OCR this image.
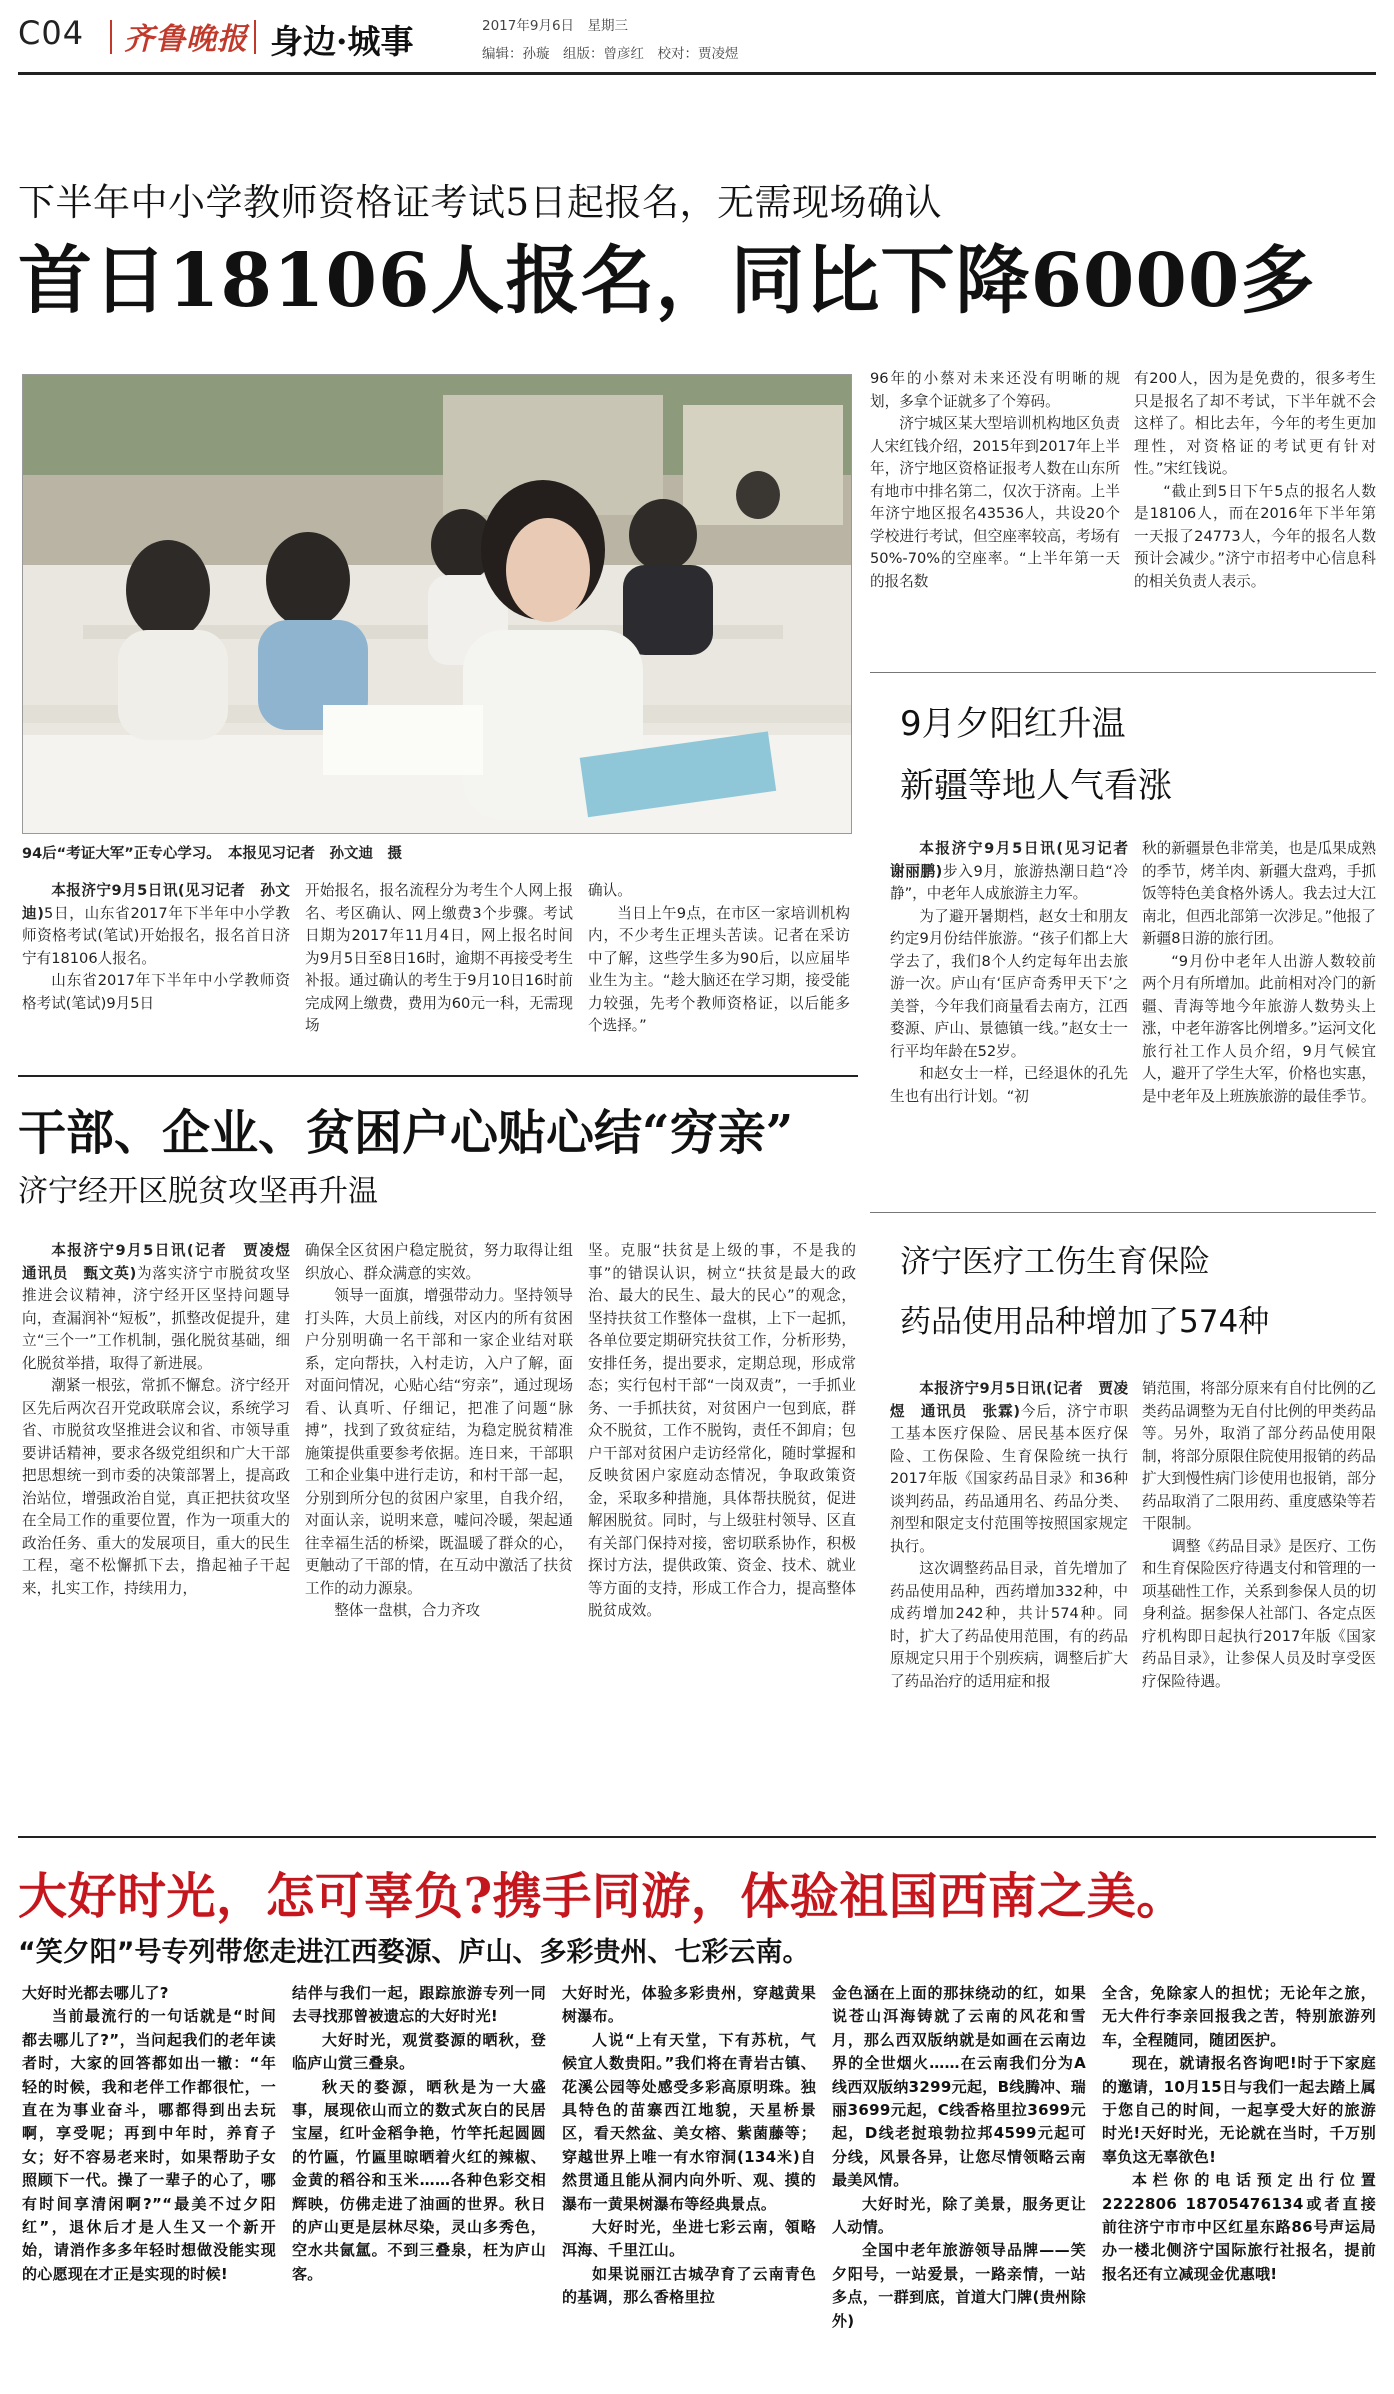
C04 齐鲁晚报 身边·城事	2017年9月6日　 星期三
编辑：孙璇　组版：曾彦红　校对：贾凌煜
下半年中小学教师资格证考试5日起报名，无需现场确认
首日18106人报名，同比下降6000多
94后“考证大军”正专心学习。　本报见习记者　孙文迪　摄

本报济宁9月5日讯(见习记者　孙文迪)5日，山东省2017年下半年中小学教师资格考试(笔试)开始报名，报名首日济宁有18106人报名。

山东省2017年下半年中小学教师资格考试(笔试)9月5日

开始报名，报名流程分为考生个人网上报名、考区确认、网上缴费3个步骤。考试日期为2017年11月4日，网上报名时间为9月5日至8日16时，逾期不再接受考生补报。通过确认的考生于9月10日16时前完成网上缴费，费用为60元一科，无需现场

确认。

当日上午9点，在市区一家培训机构内，不少考生正埋头苦读。记者在采访中了解，这些学生多为90后，以应届毕业生为主。“趁大脑还在学习期，接受能力较强，先考个教师资格证，以后能多个选择。”

96年的小蔡对未来还没有明晰的规划，多拿个证就多了个筹码。

济宁城区某大型培训机构地区负责人宋红钱介绍，2015年到2017年上半年，济宁地区资格证报考人数在山东所有地市中排名第二，仅次于济南。上半年济宁地区报名43536人，共设20个学校进行考试，但空座率较高，考场有50%-70%的空座率。“上半年第一天的报名数

有200人，因为是免费的，很多考生只是报名了却不考试，下半年就不会这样了。相比去年，今年的考生更加理性，对资格证的考试更有针对性。”宋红钱说。

“截止到5日下午5点的报名人数是18106人，而在2016年下半年第一天报了24773人，今年的报名人数预计会减少。”济宁市招考中心信息科的相关负责人表示。

9月夕阳红升温
新疆等地人气看涨

本报济宁9月5日讯(见习记者　谢丽鹏)步入9月，旅游热潮日趋“冷静”，中老年人成旅游主力军。

为了避开暑期档，赵女士和朋友约定9月份结伴旅游。“孩子们都上大学去了，我们8个人约定每年出去旅游一次。庐山有‘匡庐奇秀甲天下’之美誉，今年我们商量看去南方，江西婺源、庐山、景德镇一线。”赵女士一行平均年龄在52岁。

和赵女士一样，已经退休的孔先生也有出行计划。“初

秋的新疆景色非常美，也是瓜果成熟的季节，烤羊肉、新疆大盘鸡，手抓饭等特色美食格外诱人。我去过大江南北，但西北部第一次涉足。”他报了新疆8日游的旅行团。

“9月份中老年人出游人数较前两个月有所增加。此前相对冷门的新疆、青海等地今年旅游人数势头上涨，中老年游客比例增多。”运河文化旅行社工作人员介绍，9月气候宜人，避开了学生大军，价格也实惠，是中老年及上班族旅游的最佳季节。

干部、企业、贫困户心贴心结“穷亲”
济宁经开区脱贫攻坚再升温

本报济宁9月5日讯(记者　贾凌煜　通讯员　甄文英)为落实济宁市脱贫攻坚推进会议精神，济宁经开区坚持问题导向，查漏润补“短板”，抓整改促提升，建立“三个一”工作机制，强化脱贫基础，细化脱贫举措，取得了新进展。

潮紧一根弦，常抓不懈怠。济宁经开区先后两次召开党政联席会议，系统学习省、市脱贫攻坚推进会议和省、市领导重要讲话精神，要求各级党组织和广大干部把思想统一到市委的决策部署上，提高政治站位，增强政治自觉，真正把扶贫攻坚在全局工作的重要位置，作为一项重大的政治任务、重大的发展项目，重大的民生工程，毫不松懈抓下去，撸起袖子干起来，扎实工作，持续用力，

确保全区贫困户稳定脱贫，努力取得让组织放心、群众满意的实效。

领导一面旗，增强带动力。坚持领导打头阵，大员上前线，对区内的所有贫困户分别明确一名干部和一家企业结对联系，定向帮扶，入村走访，入户了解，面对面问情况，心贴心结“穷亲”，通过现场看、认真听、仔细记，把准了问题“脉搏”，找到了致贫症结，为稳定脱贫精准施策提供重要参考依据。连日来，干部职工和企业集中进行走访，和村干部一起，分别到所分包的贫困户家里，自我介绍，对面认亲，说明来意，嘘问冷暖，架起通往幸福生活的桥梁，既温暖了群众的心，更触动了干部的情，在互动中激活了扶贫工作的动力源泉。

整体一盘棋，合力齐攻

坚。克服“扶贫是上级的事，不是我的事”的错误认识，树立“扶贫是最大的政治、最大的民生、最大的民心”的观念，坚持扶贫工作整体一盘棋，上下一起抓，各单位要定期研究扶贫工作，分析形势，安排任务，提出要求，定期总现，形成常态；实行包村干部“一岗双责”，一手抓业务、一手抓扶贫，对贫困户一包到底，群众不脱贫，工作不脱钩，责任不卸肩；包户干部对贫困户走访经常化，随时掌握和反映贫困户家庭动态情况，争取政策资金，采取多种措施，具体帮扶脱贫，促进解困脱贫。同时，与上级驻村领导、区直有关部门保持对接，密切联系协作，积极探讨方法，提供政策、资金、技术、就业等方面的支持，形成工作合力，提高整体脱贫成效。

济宁医疗工伤生育保险
药品使用品种增加了574种

本报济宁9月5日讯(记者　贾凌煜　通讯员　张霖)今后，济宁市职工基本医疗保险、居民基本医疗保险、工伤保险、生育保险统一执行2017年版《国家药品目录》和36种谈判药品，药品通用名、药品分类、剂型和限定支付范围等按照国家规定执行。

这次调整药品目录，首先增加了药品使用品种，西药增加332种，中成药增加242种，共计574种。同时，扩大了药品使用范围，有的药品原规定只用于个别疾病，调整后扩大了药品治疗的适用症和报

销范围，将部分原来有自付比例的乙类药品调整为无自付比例的甲类药品等。另外，取消了部分药品使用限制，将部分原限住院使用报销的药品扩大到慢性病门诊使用也报销，部分药品取消了二限用药、重度感染等若干限制。

调整《药品目录》是医疗、工伤和生育保险医疗待遇支付和管理的一项基础性工作，关系到参保人员的切身利益。据参保人社部门、各定点医疗机构即日起执行2017年版《国家药品目录》，让参保人员及时享受医疗保险待遇。

大好时光，怎可辜负?携手同游，体验祖国西南之美。
“笑夕阳”号专列带您走进江西婺源、庐山、多彩贵州、七彩云南。

大好时光都去哪儿了?

当前最流行的一句话就是“时间都去哪儿了?”，当问起我们的老年读者时，大家的回答都如出一辙：“年轻的时候，我和老伴工作都很忙，一直在为事业奋斗，哪都得到出去玩啊，享受呢；再到中年时，养育子女；好不容易老来时，如果帮助子女照顾下一代。操了一辈子的心了，哪有时间享清闲啊?”“最美不过夕阳红”，退休后才是人生又一个新开始，请消作多多年轻时想做没能实现的心愿现在才正是实现的时候!

结伴与我们一起，跟踪旅游专列一同去寻找那曾被遗忘的大好时光!

大好时光，观赏婺源的晒秋，登临庐山赏三叠泉。

秋天的婺源，晒秋是为一大盛事，展现依山而立的数式灰白的民居宝屋，红叶金稻争艳，竹竿托起圆圆的竹匾，竹匾里晾晒着火红的辣椒、金黄的稻谷和玉米……各种色彩交相辉映，仿佛走进了油画的世界。秋日的庐山更是层林尽染，灵山多秀色，空水共氤氲。不到三叠泉，枉为庐山客。

大好时光，体验多彩贵州，穿越黄果树瀑布。

人说“上有天堂，下有苏杭，气候宜人数贵阳。”我们将在青岩古镇、花溪公园等处感受多彩高原明珠。独具特色的苗寨西江地貌，天星桥景区，看天然盆、美女榕、紫菌藤等；穿越世界上唯一有水帘洞(134米)自然贯通且能从洞内向外听、观、摸的瀑布一黄果树瀑布等经典景点。

大好时光，坐进七彩云南，領略洱海、千里江山。

如果说丽江古城孕育了云南青色的基调，那么香格里拉

金色涵在上面的那抹绕动的红，如果说苍山洱海铸就了云南的风花和雪月，那么西双版纳就是如画在云南边界的全世烟火……在云南我们分为A线西双版纳3299元起，B线腾冲、瑞丽3699元起，C线香格里拉3699元起，D线老挝琅勃拉邦4599元起可分线，风景各异，让您尽情领略云南最美风情。

大好时光，除了美景，服务更让人动情。

全国中老年旅游领导品牌——笑夕阳号，一站爱景，一路亲情，一站多点，一群到底，首道大门牌(贵州除外)

全含，免除家人的担忧；无论年之旅，无大件行李亲回报我之苦，特别旅游列车，全程随同，随团医护。

现在，就请报名咨询吧!时于下家庭的邀请，10月15日与我们一起去踏上属于您自己的时间，一起享受大好的旅游时光!天好时光，无论就在当时，千万别辜负这无辜欲色!

本栏你的电话预定出行位置2222806 18705476134或者直接前往济宁市市中区红星东路86号声运局办一楼北侧济宁国际旅行社报名，提前报名还有立减现金优惠哦!
